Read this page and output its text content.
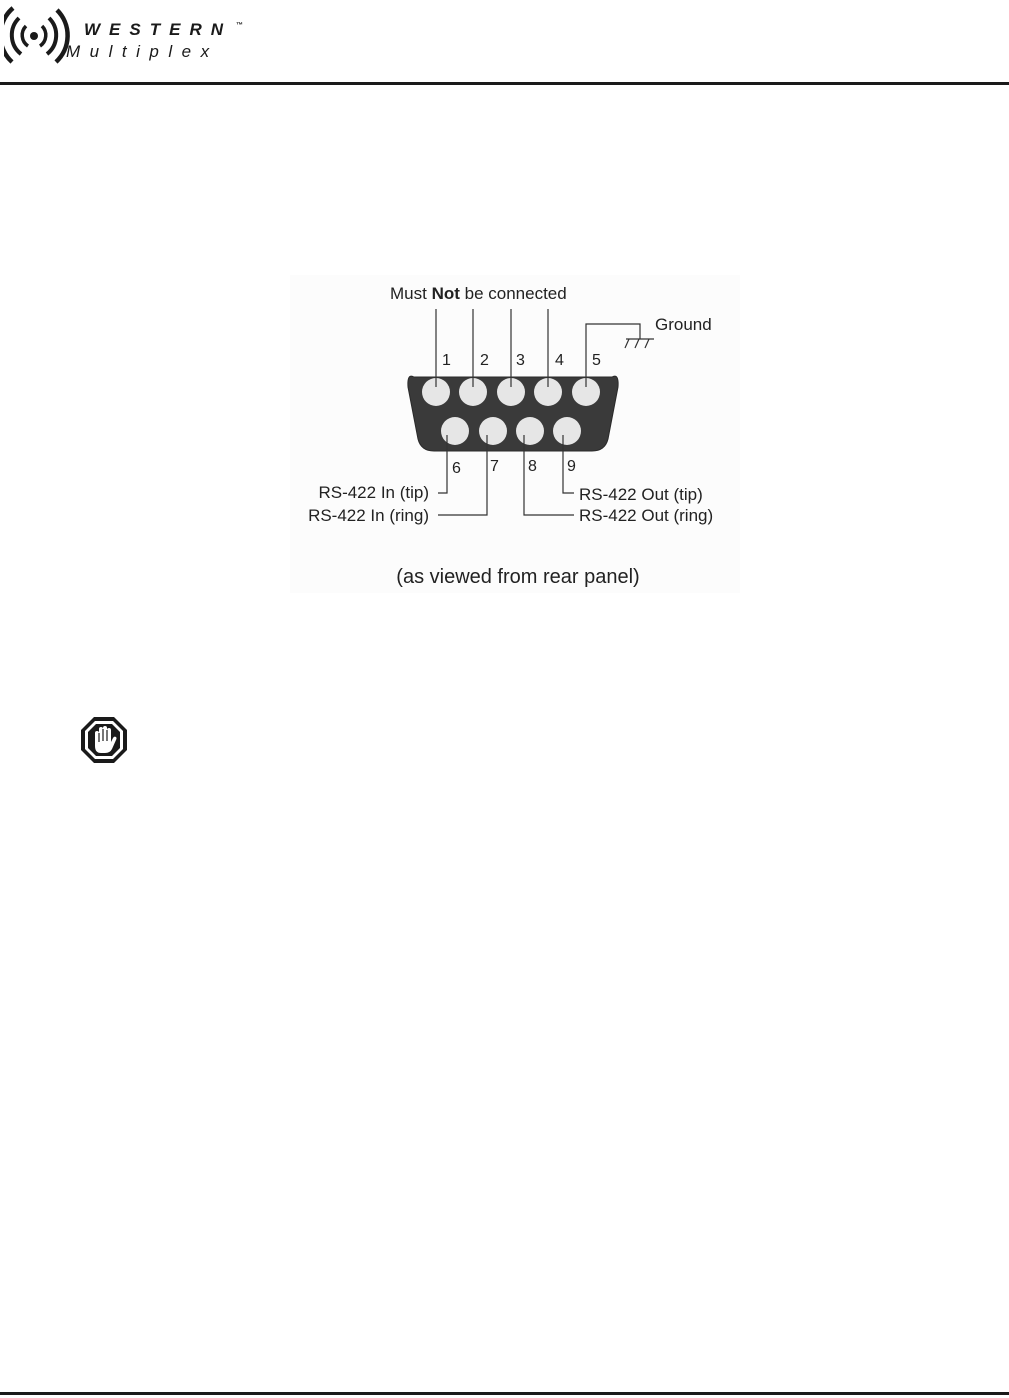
WESTERN ™
Multiplex
Must Not be connected
Ground
1 2 3 4 5
6 7 8 9
RS-422 In (tip)
RS-422 In (ring)
RS-422 Out (tip)
RS-422 Out (ring)
(as viewed from rear panel)
